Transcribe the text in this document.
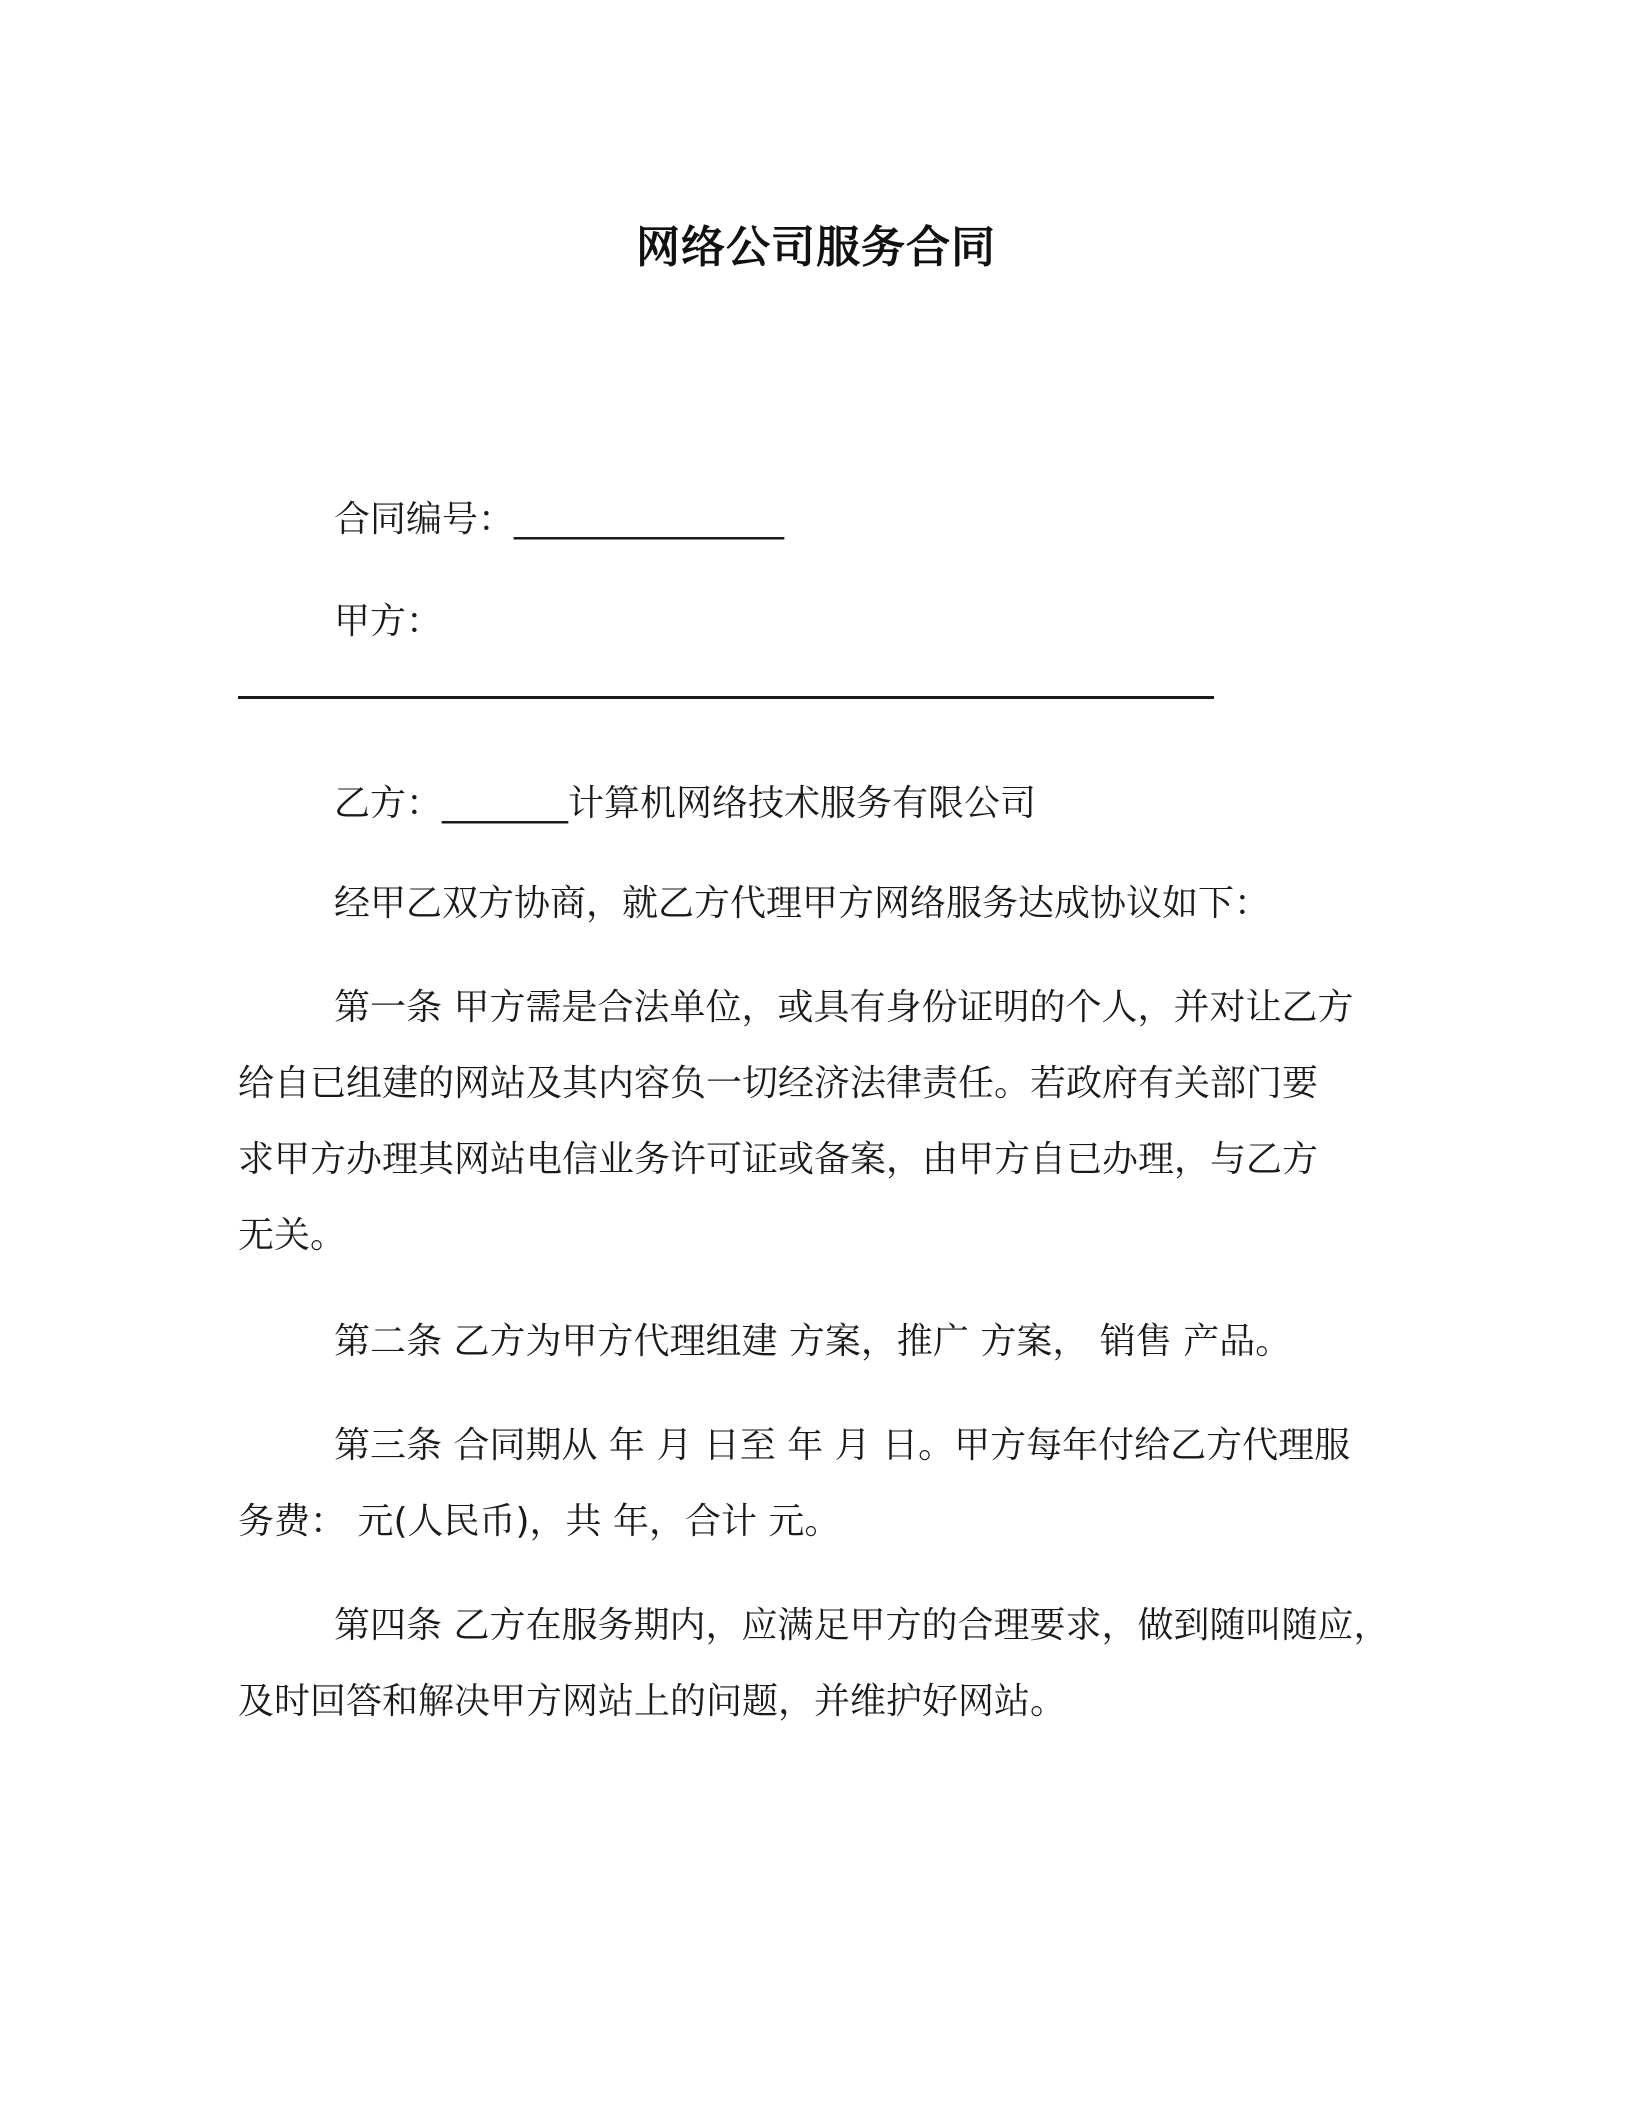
网络公司服务合同
合同编号：_______________
甲方：
乙方：_______计算机网络技术服务有限公司
经甲乙双方协商，就乙方代理甲方网络服务达成协议如下：
第一条 甲方需是合法单位，或具有身份证明的个人，并对让乙方
给自已组建的网站及其内容负一切经济法律责任。若政府有关部门要
求甲方办理其网站电信业务许可证或备案，由甲方自已办理，与乙方
无关。
第二条 乙方为甲方代理组建 方案，推广 方案， 销售 产品。
第三条 合同期从 年 月 日至 年 月 日。甲方每年付给乙方代理服
务费： 元(人民币)，共 年，合计 元。
第四条 乙方在服务期内，应满足甲方的合理要求，做到随叫随应，
及时回答和解决甲方网站上的问题，并维护好网站。
